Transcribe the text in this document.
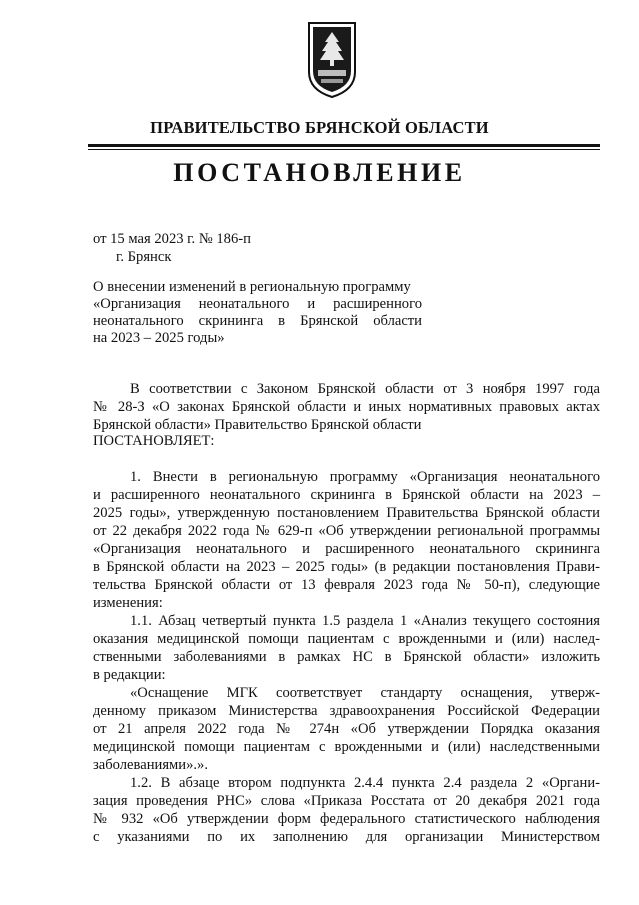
ПРАВИТЕЛЬСТВО БРЯНСКОЙ ОБЛАСТИ
ПОСТАНОВЛЕНИЕ
от 15 мая 2023 г. № 186-п
г. Брянск
О внесении изменений в региональную программу
«Организация неонатального и расширенного
неонатального скрининга в Брянской области
на 2023 – 2025 годы»
В соответствии с Законом Брянской области от 3 ноября 1997 года
№ 28-З «О законах Брянской области и иных нормативных правовых актах
Брянской области» Правительство Брянской области
ПОСТАНОВЛЯЕТ:
1. Внести в региональную программу «Организация неонатального
и расширенного неонатального скрининга в Брянской области на 2023 –
2025 годы», утвержденную постановлением Правительства Брянской области
от 22 декабря 2022 года № 629-п «Об утверждении региональной программы
«Организация неонатального и расширенного неонатального скрининга
в Брянской области на 2023 – 2025 годы» (в редакции постановления Прави-
тельства Брянской области от 13 февраля 2023 года № 50-п), следующие
изменения:
1.1. Абзац четвертый пункта 1.5 раздела 1 «Анализ текущего состояния
оказания медицинской помощи пациентам с врожденными и (или) наслед-
ственными заболеваниями в рамках НС в Брянской области» изложить
в редакции:
«Оснащение МГК соответствует стандарту оснащения, утверж-
денному приказом Министерства здравоохранения Российской Федерации
от 21 апреля 2022 года № 274н «Об утверждении Порядка оказания
медицинской помощи пациентам с врожденными и (или) наследственными
заболеваниями».».
1.2. В абзаце втором подпункта 2.4.4 пункта 2.4 раздела 2 «Органи-
зация проведения РНС» слова «Приказа Росстата от 20 декабря 2021 года
№ 932 «Об утверждении форм федерального статистического наблюдения
с указаниями по их заполнению для организации Министерством
